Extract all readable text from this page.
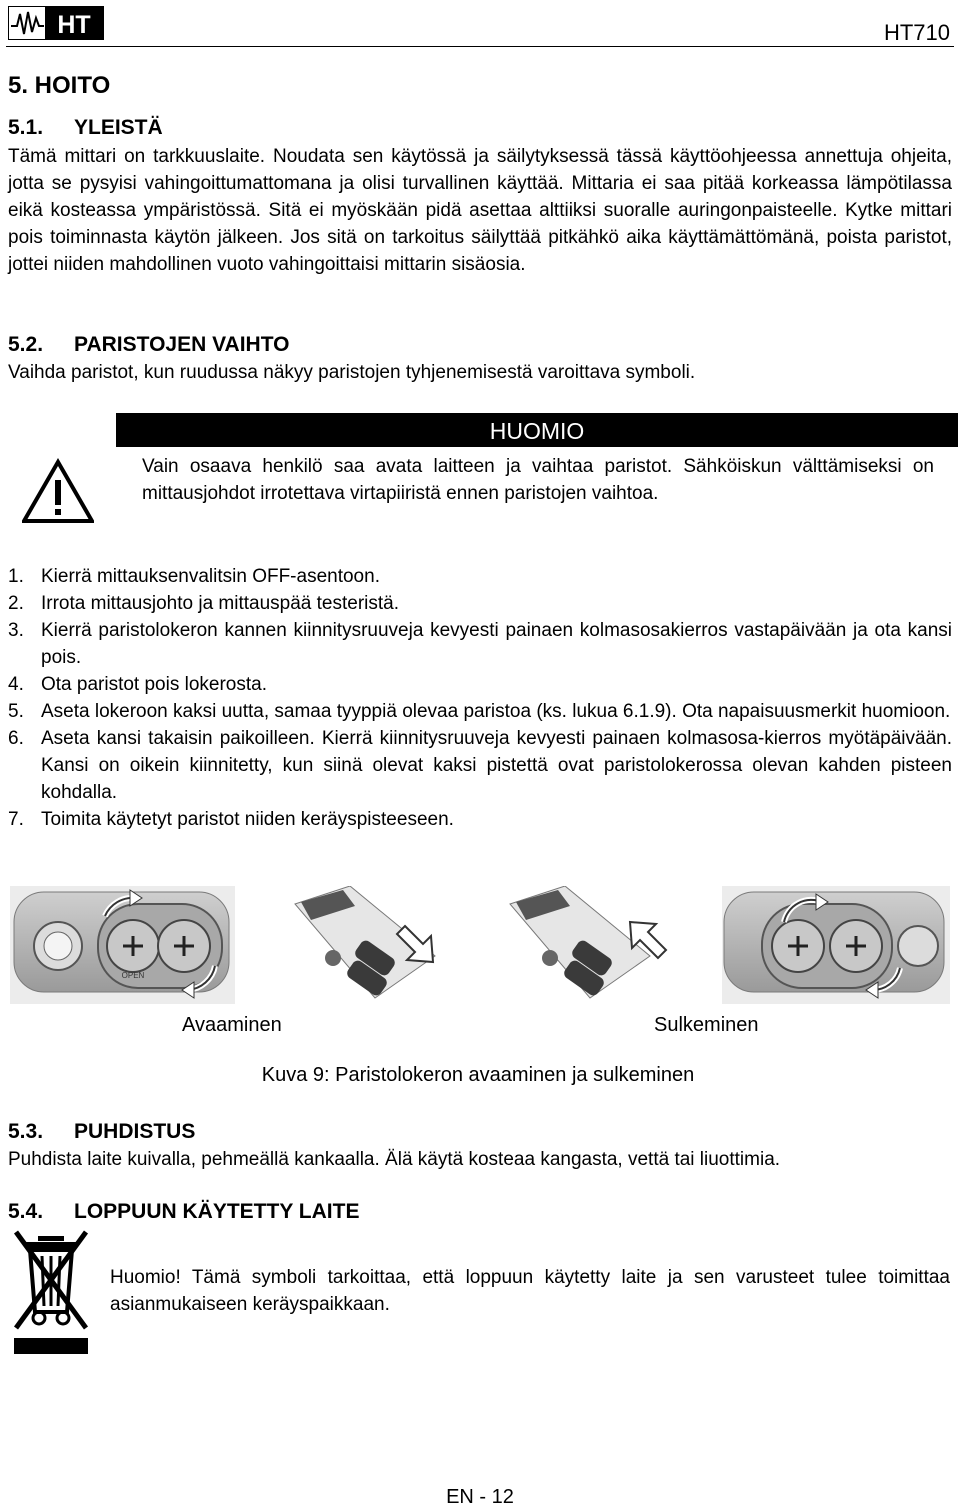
HT	HT710
5. HOITO
5.1. YLEISTÄ
Tämä mittari on tarkkuuslaite. Noudata sen käytössä ja säilytyksessä tässä käyttöohjeessa annettuja ohjeita, jotta se pysyisi vahingoittumattomana ja olisi turvallinen käyttää. Mittaria ei saa pitää korkeassa lämpötilassa eikä kosteassa ympäristössä. Sitä ei myöskään pidä asettaa alttiiksi suoralle auringonpaisteelle. Kytke mittari pois toiminnasta käytön jälkeen. Jos sitä on tarkoitus säilyttää pitkähkö aika käyttämättömänä, poista paristot, jottei niiden mahdollinen vuoto vahingoittaisi mittarin sisäosia.
5.2. PARISTOJEN VAIHTO
Vaihda paristot, kun ruudussa näkyy paristojen tyhjenemisestä varoittava symboli.
HUOMIO
Vain osaava henkilö saa avata laitteen ja vaihtaa paristot. Sähköiskun välttämiseksi on mittausjohdot irrotettava virtapiiristä ennen paristojen vaihtoa.
1. Kierrä mittauksenvalitsin OFF-asentoon.
2. Irrota mittausjohto ja mittauspää testeristä.
3. Kierrä paristolokeron kannen kiinnitysruuveja kevyesti painaen kolmasosakierros vastapäivään ja ota kansi pois.
4. Ota paristot pois lokerosta.
5. Aseta lokeroon kaksi uutta, samaa tyyppiä olevaa paristoa (ks. lukua 6.1.9). Ota napaisuusmerkit huomioon.
6. Aseta kansi takaisin paikoilleen. Kierrä kiinnitysruuveja kevyesti painaen kolmasosa-kierros myötäpäivään. Kansi on oikein kiinnitetty, kun siinä olevat kaksi pistettä ovat paristolokerossa olevan kahden pisteen kohdalla.
7. Toimita käytetyt paristot niiden keräyspisteeseen.
OPEN
Avaaminen	Sulkeminen
Kuva 9: Paristolokeron avaaminen ja sulkeminen
5.3. PUHDISTUS
Puhdista laite kuivalla, pehmeällä kankaalla. Älä käytä kosteaa kangasta, vettä tai liuottimia.
5.4. LOPPUUN KÄYTETTY LAITE
Huomio! Tämä symboli tarkoittaa, että loppuun käytetty laite ja sen varusteet tulee toimittaa asianmukaiseen keräyspaikkaan.
EN - 12
